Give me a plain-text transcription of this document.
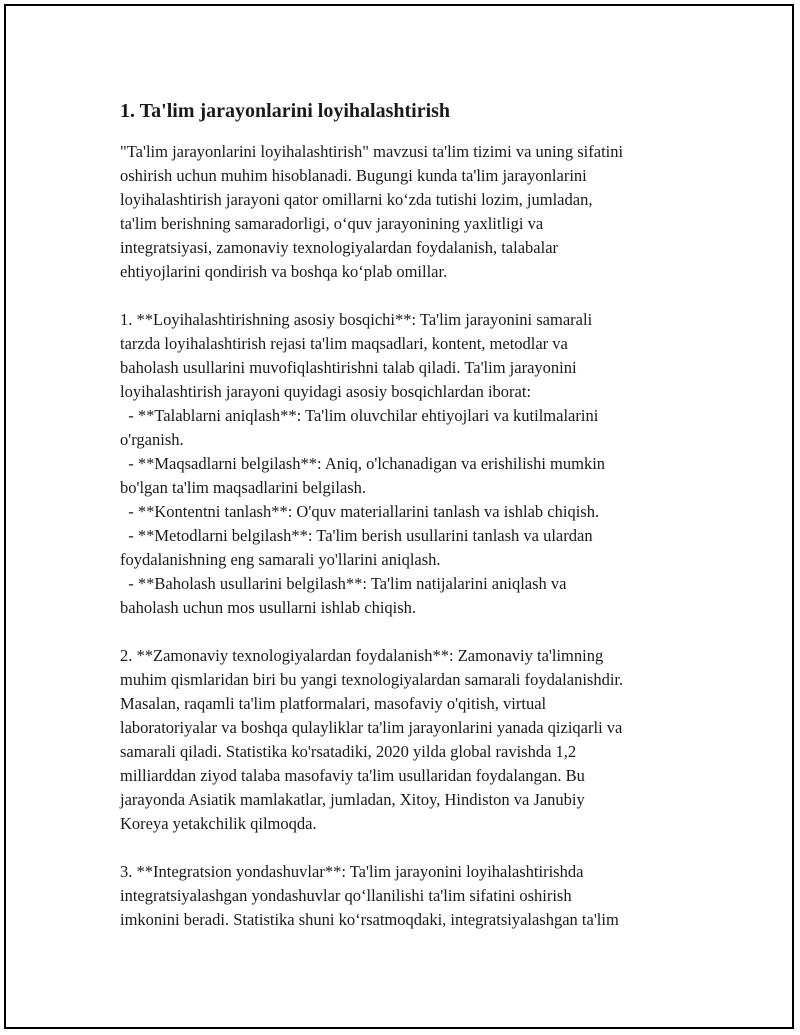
1. Ta'lim jarayonlarini loyihalashtirish
"Ta'lim jarayonlarini loyihalashtirish" mavzusi ta'lim tizimi va uning sifatini
oshirish uchun muhim hisoblanadi. Bugungi kunda ta'lim jarayonlarini
loyihalashtirish jarayoni qator omillarni ko‘zda tutishi lozim, jumladan,
ta'lim berishning samaradorligi, o‘quv jarayonining yaxlitligi va
integratsiyasi, zamonaviy texnologiyalardan foydalanish, talabalar
ehtiyojlarini qondirish va boshqa ko‘plab omillar.
1. **Loyihalashtirishning asosiy bosqichi**: Ta'lim jarayonini samarali
tarzda loyihalashtirish rejasi ta'lim maqsadlari, kontent, metodlar va
baholash usullarini muvofiqlashtirishni talab qiladi. Ta'lim jarayonini
loyihalashtirish jarayoni quyidagi asosiy bosqichlardan iborat:
- **Talablarni aniqlash**: Ta'lim oluvchilar ehtiyojlari va kutilmalarini
o'rganish.
- **Maqsadlarni belgilash**: Aniq, o'lchanadigan va erishilishi mumkin
bo'lgan ta'lim maqsadlarini belgilash.
- **Kontentni tanlash**: O'quv materiallarini tanlash va ishlab chiqish.
- **Metodlarni belgilash**: Ta'lim berish usullarini tanlash va ulardan
foydalanishning eng samarali yo'llarini aniqlash.
- **Baholash usullarini belgilash**: Ta'lim natijalarini aniqlash va
baholash uchun mos usullarni ishlab chiqish.
2. **Zamonaviy texnologiyalardan foydalanish**: Zamonaviy ta'limning
muhim qismlaridan biri bu yangi texnologiyalardan samarali foydalanishdir.
Masalan, raqamli ta'lim platformalari, masofaviy o'qitish, virtual
laboratoriyalar va boshqa qulayliklar ta'lim jarayonlarini yanada qiziqarli va
samarali qiladi. Statistika ko'rsatadiki, 2020 yilda global ravishda 1,2
milliarddan ziyod talaba masofaviy ta'lim usullaridan foydalangan. Bu
jarayonda Asiatik mamlakatlar, jumladan, Xitoy, Hindiston va Janubiy
Koreya yetakchilik qilmoqda.
3. **Integratsion yondashuvlar**: Ta'lim jarayonini loyihalashtirishda
integratsiyalashgan yondashuvlar qo‘llanilishi ta'lim sifatini oshirish
imkonini beradi. Statistika shuni ko‘rsatmoqdaki, integratsiyalashgan ta'lim
